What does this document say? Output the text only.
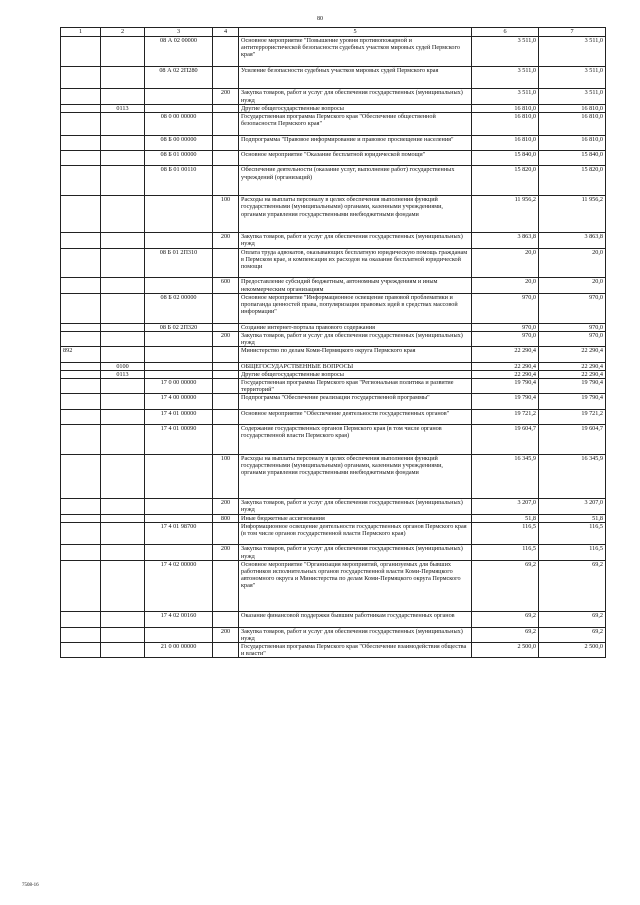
80
1	2	3	4	5	6	7
		08 А 02 00000		Основное мероприятие "Повышение уровня противопожарной и антитеррористической безопасности судебных участков мировых судей Пермского края"	3 511,0	3 511,0
		08 А 02 2П280		Усиление безопасности судебных участков мировых судей Пермского края	3 511,0	3 511,0
			200	Закупка товаров, работ и услуг для обеспечения государственных (муниципальных) нужд	3 511,0	3 511,0
	0113			Другие общегосударственные вопросы	16 810,0	16 810,0
		08 0 00 00000		Государственная программа Пермского края "Обеспечение общественной безопасности Пермского края"	16 810,0	16 810,0
		08 Б 00 00000		Подпрограмма "Правовое информирование и правовое просвещение населения"	16 810,0	16 810,0
		08 Б 01 00000		Основное мероприятие "Оказание бесплатной юридической помощи"	15 840,0	15 840,0
		08 Б 01 00110		Обеспечение деятельности (оказание услуг, выполнение работ) государственных учреждений (организаций)	15 820,0	15 820,0
			100	Расходы на выплаты персоналу в целях обеспечения выполнения функций государственными (муниципальными) органами, казенными учреждениями, органами управления государственными внебюджетными фондами	11 956,2	11 956,2
			200	Закупка товаров, работ и услуг для обеспечения государственных (муниципальных) нужд	3 863,8	3 863,8
		08 Б 01 2П310		Оплата труда адвокатов, оказывающих бесплатную юридическую помощь гражданам в Пермском крае, и компенсация их расходов на оказание бесплатной юридической помощи	20,0	20,0
			600	Предоставление субсидий бюджетным, автономным учреждениям и иным некоммерческим организациям	20,0	20,0
		08 Б 02 00000		Основное мероприятие "Информационное освещение правовой проблематики и пропаганда ценностей права, популяризация правовых идей в средствах массовой информации"	970,0	970,0
		08 Б 02 2П320		Создание интернет-портала правового содержания	970,0	970,0
			200	Закупка товаров, работ и услуг для обеспечения государственных (муниципальных) нужд	970,0	970,0
892				Министерство по делам Коми-Пермяцкого округа Пермского края	22 290,4	22 290,4
	0100			ОБЩЕГОСУДАРСТВЕННЫЕ ВОПРОСЫ	22 290,4	22 290,4
	0113			Другие общегосударственные вопросы	22 290,4	22 290,4
		17 0 00 00000		Государственная программа Пермского края "Региональная политика и развитие территорий"	19 790,4	19 790,4
		17 4 00 00000		Подпрограмма "Обеспечение реализации государственной программы"	19 790,4	19 790,4
		17 4 01 00000		Основное мероприятие "Обеспечение деятельности государственных органов"	19 721,2	19 721,2
		17 4 01 00090		Содержание государственных органов Пермского края (в том числе органов государственной власти Пермского края)	19 604,7	19 604,7
			100	Расходы на выплаты персоналу в целях обеспечения выполнения функций государственными (муниципальными) органами, казенными учреждениями, органами управления государственными внебюджетными фондами	16 345,9	16 345,9
			200	Закупка товаров, работ и услуг для обеспечения государственных (муниципальных) нужд	3 207,0	3 207,0
			800	Иные бюджетные ассигнования	51,8	51,8
		17 4 01 98700		Информационное освещение деятельности государственных органов Пермского края (в том числе органов государственной власти Пермского края)	116,5	116,5
			200	Закупка товаров, работ и услуг для обеспечения государственных (муниципальных) нужд	116,5	116,5
		17 4 02 00000		Основное мероприятие "Организация мероприятий, организуемых для бывших работников исполнительных органов государственной власти Коми-Пермяцкого автономного округа и Министерства по делам Коми-Пермяцкого округа Пермского края"	69,2	69,2
		17 4 02 00160		Оказание финансовой поддержки бывшим работникам государственных органов	69,2	69,2
			200	Закупка товаров, работ и услуг для обеспечения государственных (муниципальных) нужд	69,2	69,2
		21 0 00 00000		Государственная программа Пермского края "Обеспечение взаимодействия общества и власти"	2 500,0	2 500,0
7508-16
